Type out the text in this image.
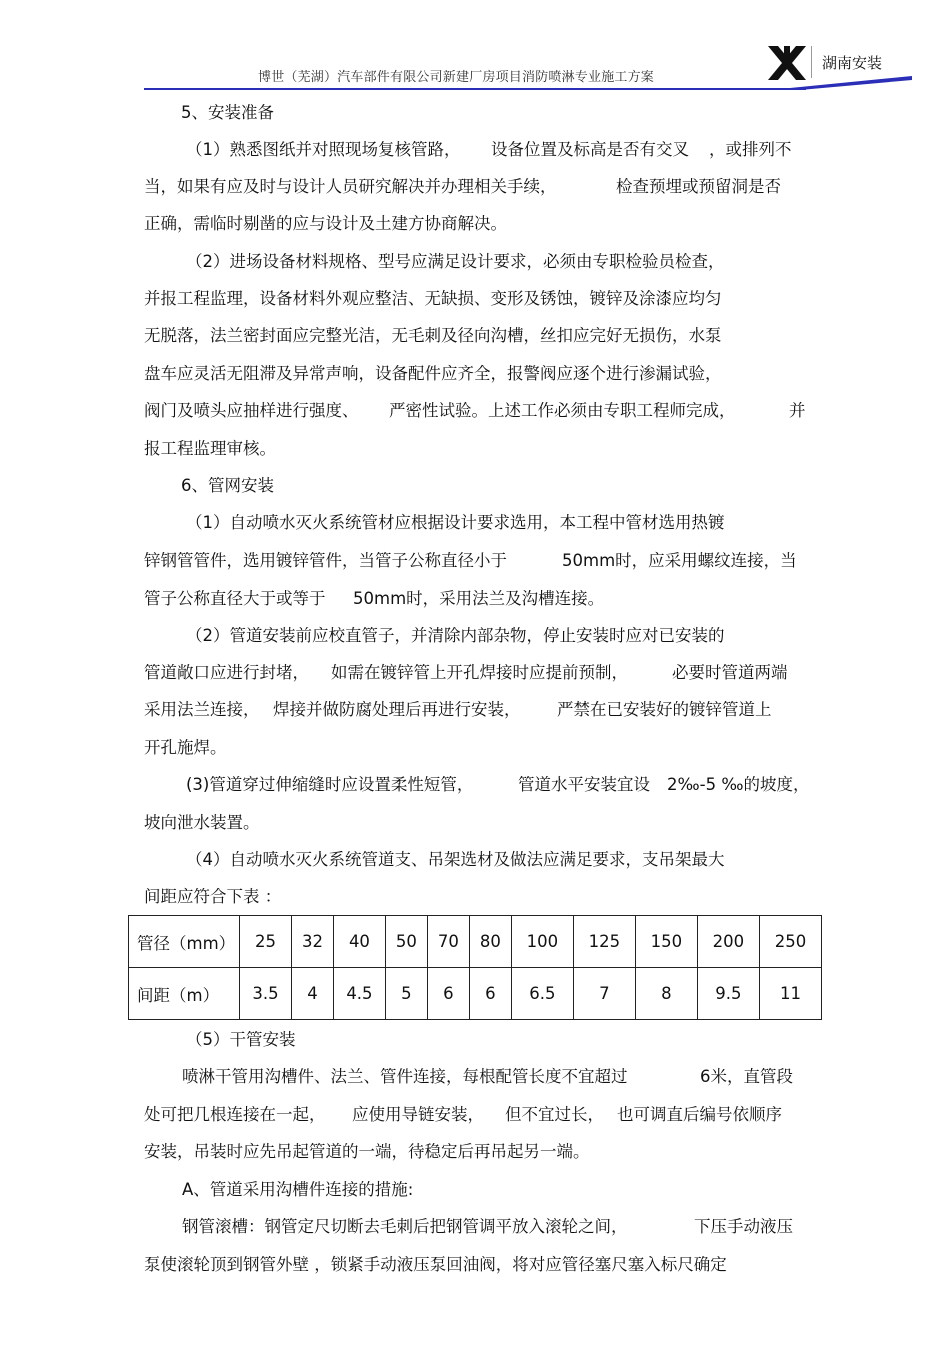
博世（芜湖）汽车部件有限公司新建厂房项目消防喷淋专业施工方案
湖南安装
5、安装准备
（1）熟悉图纸并对照现场复核管路， 设备位置及标高是否有交叉 ，或排列不
当，如果有应及时与设计人员研究解决并办理相关手续，	检查预埋或预留洞是否
正确，需临时剔凿的应与设计及土建方协商解决。
（2）进场设备材料规格、型号应满足设计要求，必须由专职检验员检查，
并报工程监理，设备材料外观应整洁、无缺损、变形及锈蚀，镀锌及涂漆应均匀
无脱落，法兰密封面应完整光洁，无毛刺及径向沟槽，丝扣应完好无损伤，水泵
盘车应灵活无阻滞及异常声响，设备配件应齐全，报警阀应逐个进行渗漏试验，
阀门及喷头应抽样进行强度、 严密性试验。上述工作必须由专职工程师完成，	并
报工程监理审核。
6、管网安装
（1）自动喷水灭火系统管材应根据设计要求选用，本工程中管材选用热镀
锌钢管管件，选用镀锌管件，当管子公称直径小于	50mm时，应采用螺纹连接，当
管子公称直径大于或等于 50mm时，采用法兰及沟槽连接。
（2）管道安装前应校直管子，并清除内部杂物，停止安装时应对已安装的
管道敞口应进行封堵， 如需在镀锌管上开孔焊接时应提前预制，	必要时管道两端
采用法兰连接， 焊接并做防腐处理后再进行安装， 严禁在已安装好的镀锌管道上
开孔施焊。
(3)管道穿过伸缩缝时应设置柔性短管，	管道水平安装宜设 2‰-5 ‰的坡度，
坡向泄水装置。
（4）自动喷水灭火系统管道支、吊架选材及做法应满足要求，支吊架最大
间距应符合下表 ：
管径（mm）	25	32	40	50	70	80	100	125	150	200	250
间距（m）	3.5	4	4.5	5	6	6	6.5	7	8	9.5	11
（5）干管安装
喷淋干管用沟槽件、法兰、管件连接，每根配管长度不宜超过	6米，直管段
处可把几根连接在一起， 应使用导链安装， 但不宜过长， 也可调直后编号依顺序
安装，吊装时应先吊起管道的一端，待稳定后再吊起另一端。
A、管道采用沟槽件连接的措施:
钢管滚槽：钢管定尺切断去毛刺后把钢管调平放入滚轮之间，	下压手动液压
泵使滚轮顶到钢管外壁 ，锁紧手动液压泵回油阀，将对应管径塞尺塞入标尺确定
